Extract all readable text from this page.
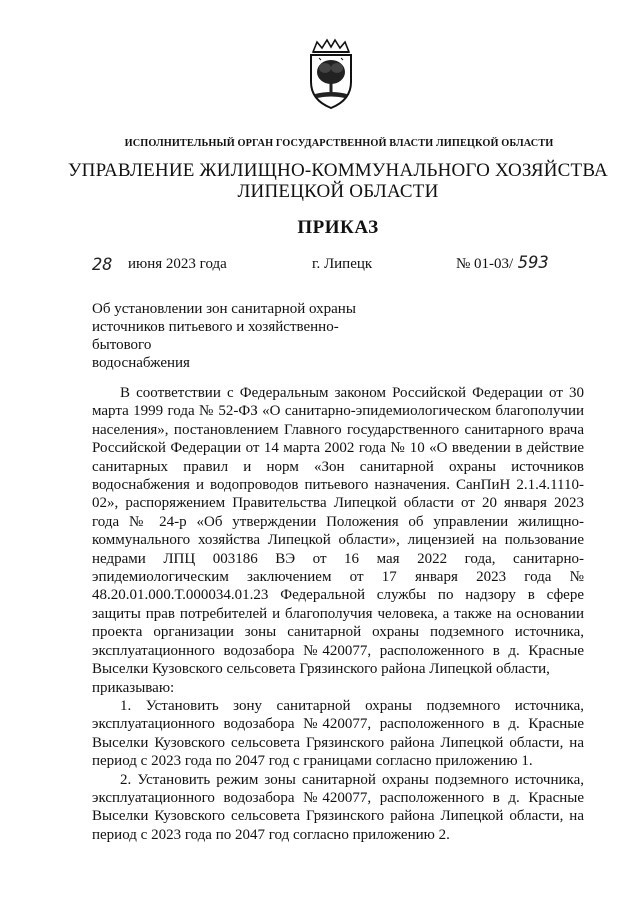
ИСПОЛНИТЕЛЬНЫЙ ОРГАН ГОСУДАРСТВЕННОЙ ВЛАСТИ ЛИПЕЦКОЙ ОБЛАСТИ
УПРАВЛЕНИЕ ЖИЛИЩНО-КОММУНАЛЬНОГО ХОЗЯЙСТВА
ЛИПЕЦКОЙ ОБЛАСТИ
ПРИКАЗ
28 июня 2023 года	г. Липецк	№ 01-03/ 593
Об установлении зон санитарной охраны
источников питьевого и хозяйственно-бытового
водоснабжения

В соответствии с Федеральным законом Российской Федерации от 30 марта 1999 года № 52-ФЗ «О санитарно-эпидемиологическом благополучии населения», постановлением Главного государственного санитарного врача Российской Федерации от 14 марта 2002 года № 10 «О введении в действие санитарных правил и норм «Зон санитарной охраны источников водоснабжения и водопроводов питьевого назначения. СанПиН 2.1.4.1110-02», распоряжением Правительства Липецкой области от 20 января 2023 года № 24-р «Об утверждении Положения об управлении жилищно-коммунального хозяйства Липецкой области», лицензией на пользование недрами ЛПЦ 003186 ВЭ от 16 мая 2022 года, санитарно-эпидемиологическим заключением от 17 января 2023 года № 48.20.01.000.Т.000034.01.23 Федеральной службы по надзору в сфере защиты прав потребителей и благополучия человека, а также на основании проекта организации зоны санитарной охраны подземного источника, эксплуатационного водозабора №420077, расположенного в д. Красные Выселки Кузовского сельсовета Грязинского района Липецкой области,

приказываю:

1. Установить зону санитарной охраны подземного источника, эксплуатационного водозабора №420077, расположенного в д. Красные Выселки Кузовского сельсовета Грязинского района Липецкой области, на период с 2023 года по 2047 год с границами согласно приложению 1.

2. Установить режим зоны санитарной охраны подземного источника, эксплуатационного водозабора №420077, расположенного в д. Красные Выселки Кузовского сельсовета Грязинского района Липецкой области, на период с 2023 года по 2047 год согласно приложению 2.
